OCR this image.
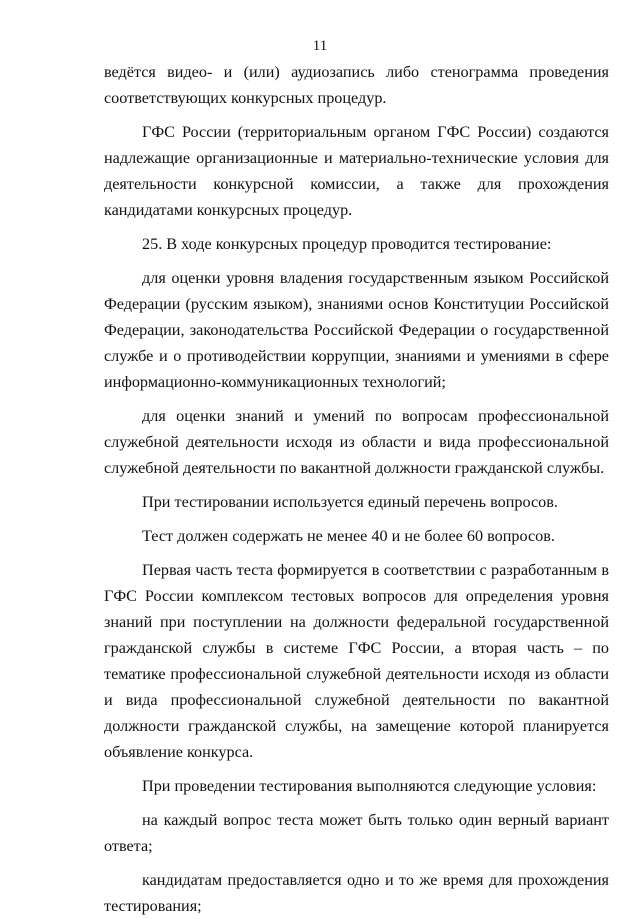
11

ведётся видео- и (или) аудиозапись либо стенограмма проведения соответствующих конкурсных процедур.

ГФС России (территориальным органом ГФС России) создаются надлежащие организационные и материально-технические условия для деятельности конкурсной комиссии, а также для прохождения кандидатами конкурсных процедур.

25. В ходе конкурсных процедур проводится тестирование:

для оценки уровня владения государственным языком Российской Федерации (русским языком), знаниями основ Конституции Российской Федерации, законодательства Российской Федерации о государственной службе и о противодействии коррупции, знаниями и умениями в сфере информационно-коммуникационных технологий;

для оценки знаний и умений по вопросам профессиональной служебной деятельности исходя из области и вида профессиональной служебной деятельности по вакантной должности гражданской службы.

При тестировании используется единый перечень вопросов.

Тест должен содержать не менее 40 и не более 60 вопросов.

Первая часть теста формируется в соответствии с разработанным в ГФС России комплексом тестовых вопросов для определения уровня знаний при поступлении на должности федеральной государственной гражданской службы в системе ГФС России, а вторая часть – по тематике профессиональной служебной деятельности исходя из области и вида профессиональной служебной деятельности по вакантной должности гражданской службы, на замещение которой планируется объявление конкурса.

При проведении тестирования выполняются следующие условия:

на каждый вопрос теста может быть только один верный вариант ответа;

кандидатам предоставляется одно и то же время для прохождения тестирования;
